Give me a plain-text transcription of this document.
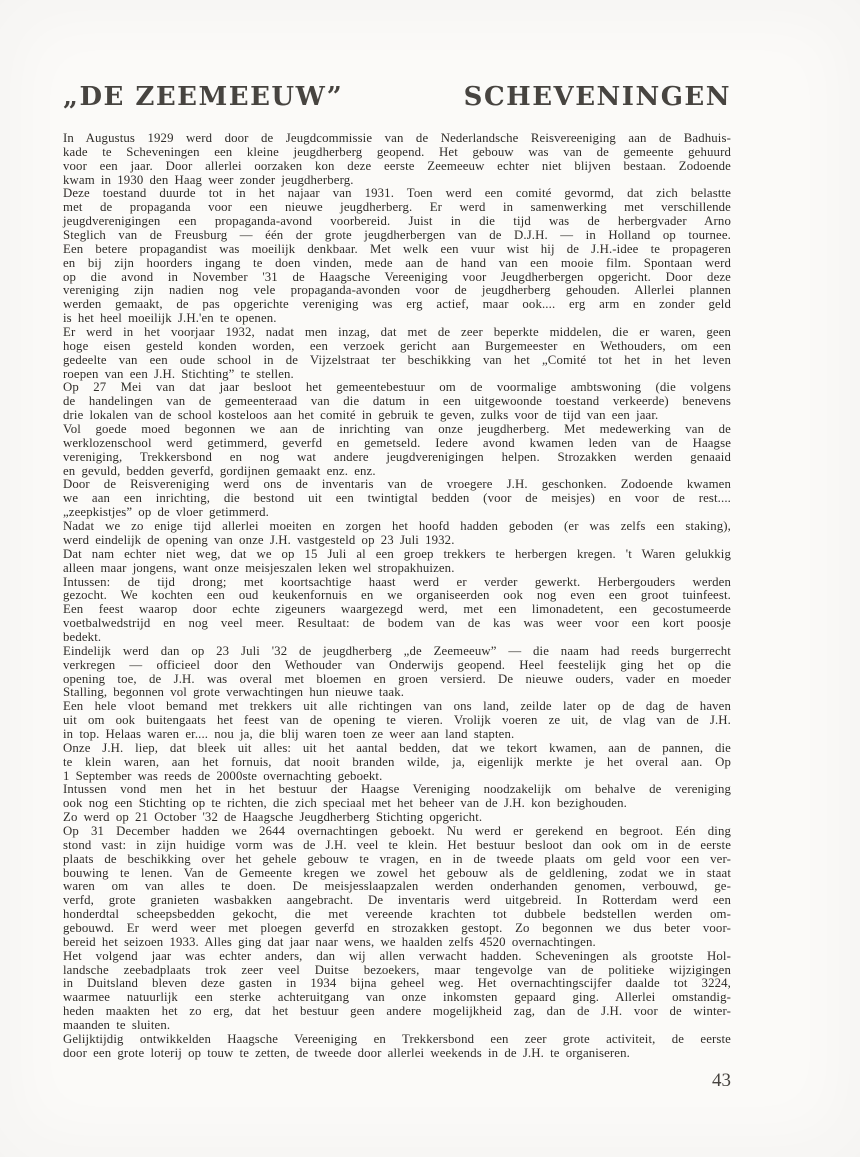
„DE ZEEMEEUW”	SCHEVENINGEN
In Augustus 1929 werd door de Jeugdcommissie van de Nederlandsche Reisvereeniging aan de Badhuis-
kade te Scheveningen een kleine jeugdherberg geopend. Het gebouw was van de gemeente gehuurd
voor een jaar. Door allerlei oorzaken kon deze eerste Zeemeeuw echter niet blijven bestaan. Zodoende
kwam in 1930 den Haag weer zonder jeugdherberg.
Deze toestand duurde tot in het najaar van 1931. Toen werd een comité gevormd, dat zich belastte
met de propaganda voor een nieuwe jeugdherberg. Er werd in samenwerking met verschillende
jeugdverenigingen een propaganda-avond voorbereid. Juist in die tijd was de herbergvader Arno
Steglich van de Freusburg — één der grote jeugdherbergen van de D.J.H. — in Holland op tournee.
Een betere propagandist was moeilijk denkbaar. Met welk een vuur wist hij de J.H.-idee te propageren
en bij zijn hoorders ingang te doen vinden, mede aan de hand van een mooie film. Spontaan werd
op die avond in November '31 de Haagsche Vereeniging voor Jeugdherbergen opgericht. Door deze
vereniging zijn nadien nog vele propaganda-avonden voor de jeugdherberg gehouden. Allerlei plannen
werden gemaakt, de pas opgerichte vereniging was erg actief, maar ook.... erg arm en zonder geld
is het heel moeilijk J.H.'en te openen.
Er werd in het voorjaar 1932, nadat men inzag, dat met de zeer beperkte middelen, die er waren, geen
hoge eisen gesteld konden worden, een verzoek gericht aan Burgemeester en Wethouders, om een
gedeelte van een oude school in de Vijzelstraat ter beschikking van het „Comité tot het in het leven
roepen van een J.H. Stichting” te stellen.
Op 27 Mei van dat jaar besloot het gemeentebestuur om de voormalige ambtswoning (die volgens
de handelingen van de gemeenteraad van die datum in een uitgewoonde toestand verkeerde) benevens
drie lokalen van de school kosteloos aan het comité in gebruik te geven, zulks voor de tijd van een jaar.
Vol goede moed begonnen we aan de inrichting van onze jeugdherberg. Met medewerking van de
werklozenschool werd getimmerd, geverfd en gemetseld. Iedere avond kwamen leden van de Haagse
vereniging, Trekkersbond en nog wat andere jeugdverenigingen helpen. Strozakken werden genaaid
en gevuld, bedden geverfd, gordijnen gemaakt enz. enz.
Door de Reisvereniging werd ons de inventaris van de vroegere J.H. geschonken. Zodoende kwamen
we aan een inrichting, die bestond uit een twintigtal bedden (voor de meisjes) en voor de rest....
„zeepkistjes” op de vloer getimmerd.
Nadat we zo enige tijd allerlei moeiten en zorgen het hoofd hadden geboden (er was zelfs een staking),
werd eindelijk de opening van onze J.H. vastgesteld op 23 Juli 1932.
Dat nam echter niet weg, dat we op 15 Juli al een groep trekkers te herbergen kregen. 't Waren gelukkig
alleen maar jongens, want onze meisjeszalen leken wel stropakhuizen.
Intussen: de tijd drong; met koortsachtige haast werd er verder gewerkt. Herbergouders werden
gezocht. We kochten een oud keukenfornuis en we organiseerden ook nog even een groot tuinfeest.
Een feest waarop door echte zigeuners waargezegd werd, met een limonadetent, een gecostumeerde
voetbalwedstrijd en nog veel meer. Resultaat: de bodem van de kas was weer voor een kort poosje
bedekt.
Eindelijk werd dan op 23 Juli '32 de jeugdherberg „de Zeemeeuw” — die naam had reeds burgerrecht
verkregen — officieel door den Wethouder van Onderwijs geopend. Heel feestelijk ging het op die
opening toe, de J.H. was overal met bloemen en groen versierd. De nieuwe ouders, vader en moeder
Stalling, begonnen vol grote verwachtingen hun nieuwe taak.
Een hele vloot bemand met trekkers uit alle richtingen van ons land, zeilde later op de dag de haven
uit om ook buitengaats het feest van de opening te vieren. Vrolijk voeren ze uit, de vlag van de J.H.
in top. Helaas waren er.... nou ja, die blij waren toen ze weer aan land stapten.
Onze J.H. liep, dat bleek uit alles: uit het aantal bedden, dat we tekort kwamen, aan de pannen, die
te klein waren, aan het fornuis, dat nooit branden wilde, ja, eigenlijk merkte je het overal aan. Op
1 September was reeds de 2000ste overnachting geboekt.
Intussen vond men het in het bestuur der Haagse Vereniging noodzakelijk om behalve de vereniging
ook nog een Stichting op te richten, die zich speciaal met het beheer van de J.H. kon bezighouden.
Zo werd op 21 October '32 de Haagsche Jeugdherberg Stichting opgericht.
Op 31 December hadden we 2644 overnachtingen geboekt. Nu werd er gerekend en begroot. Eén ding
stond vast: in zijn huidige vorm was de J.H. veel te klein. Het bestuur besloot dan ook om in de eerste
plaats de beschikking over het gehele gebouw te vragen, en in de tweede plaats om geld voor een ver-
bouwing te lenen. Van de Gemeente kregen we zowel het gebouw als de geldlening, zodat we in staat
waren om van alles te doen. De meisjesslaapzalen werden onderhanden genomen, verbouwd, ge-
verfd, grote granieten wasbakken aangebracht. De inventaris werd uitgebreid. In Rotterdam werd een
honderdtal scheepsbedden gekocht, die met vereende krachten tot dubbele bedstellen werden om-
gebouwd. Er werd weer met ploegen geverfd en strozakken gestopt. Zo begonnen we dus beter voor-
bereid het seizoen 1933. Alles ging dat jaar naar wens, we haalden zelfs 4520 overnachtingen.
Het volgend jaar was echter anders, dan wij allen verwacht hadden. Scheveningen als grootste Hol-
landsche zeebadplaats trok zeer veel Duitse bezoekers, maar tengevolge van de politieke wijzigingen
in Duitsland bleven deze gasten in 1934 bijna geheel weg. Het overnachtingscijfer daalde tot 3224,
waarmee natuurlijk een sterke achteruitgang van onze inkomsten gepaard ging. Allerlei omstandig-
heden maakten het zo erg, dat het bestuur geen andere mogelijkheid zag, dan de J.H. voor de winter-
maanden te sluiten.
Gelijktijdig ontwikkelden Haagsche Vereeniging en Trekkersbond een zeer grote activiteit, de eerste
door een grote loterij op touw te zetten, de tweede door allerlei weekends in de J.H. te organiseren.
43
